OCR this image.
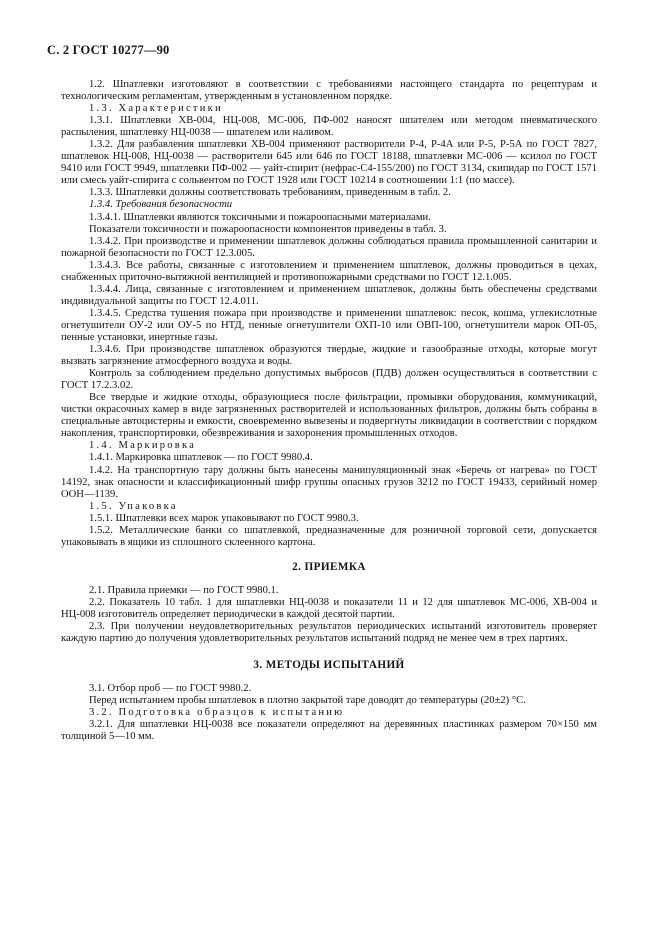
С. 2 ГОСТ 10277—90

1.2. Шпатлевки изготовляют в соответствии с требованиями настоящего стандарта по рецептурам и технологическим регламентам, утвержденным в установленном порядке.

1.3. Характеристики

1.3.1. Шпатлевки ХВ-004, НЦ-008, МС-006, ПФ-002 наносят шпателем или методом пневматического распыления, шпатлевку НЦ-0038 — шпателем или наливом.

1.3.2. Для разбавления шпатлевки ХВ-004 применяют растворители Р-4, Р-4А или Р-5, Р-5А по ГОСТ 7827, шпатлевок НЦ-008, НЦ-0038 — растворители 645 или 646 по ГОСТ 18188, шпатлевки МС-006 — ксилол по ГОСТ 9410 или ГОСТ 9949, шпатлевки ПФ-002 — уайт-спирит (нефрас-С4-155/200) по ГОСТ 3134, скипидар по ГОСТ 1571 или смесь уайт-спирита с сольвентом по ГОСТ 1928 или ГОСТ 10214 в соотношении 1:1 (по массе).

1.3.3. Шпатлевки должны соответствовать требованиям, приведенным в табл. 2.

1.3.4. Требования безопасности

1.3.4.1. Шпатлевки являются токсичными и пожароопасными материалами.

Показатели токсичности и пожароопасности компонентов приведены в табл. 3.

1.3.4.2. При производстве и применении шпатлевок должны соблюдаться правила промышленной санитарии и пожарной безопасности по ГОСТ 12.3.005.

1.3.4.3. Все работы, связанные с изготовлением и применением шпатлевок, должны проводиться в цехах, снабженных приточно-вытяжной вентиляцией и противопожарными средствами по ГОСТ 12.1.005.

1.3.4.4. Лица, связанные с изготовлением и применением шпатлевок, должны быть обеспечены средствами индивидуальной защиты по ГОСТ 12.4.011.

1.3.4.5. Средства тушения пожара при производстве и применении шпатлевок: песок, кошма, углекислотные огнетушители ОУ-2 или ОУ-5 по НТД, пенные огнетушители ОХП-10 или ОВП-100, огнетушители марок ОП-05, пенные установки, инертные газы.

1.3.4.6. При производстве шпатлевок образуются твердые, жидкие и газообразные отходы, которые могут вызвать загрязнение атмосферного воздуха и воды.

Контроль за соблюдением предельно допустимых выбросов (ПДВ) должен осуществляться в соответствии с ГОСТ 17.2.3.02.

Все твердые и жидкие отходы, образующиеся после фильтрации, промывки оборудования, коммуникаций, чистки окрасочных камер в виде загрязненных растворителей и использованных фильтров, должны быть собраны в специальные автоцистерны и емкости, своевременно вывезены и подвергнуты ликвидации в соответствии с порядком накопления, транспортировки, обезвреживания и захоронения промышленных отходов.

1.4. Маркировка

1.4.1. Маркировка шпатлевок — по ГОСТ 9980.4.

1.4.2. На транспортную тару должны быть нанесены манипуляционный знак «Беречь от нагрева» по ГОСТ 14192, знак опасности и классификационный шифр группы опасных грузов 3212 по ГОСТ 19433, серийный номер ООН—1139.

1.5. Упаковка

1.5.1. Шпатлевки всех марок упаковывают по ГОСТ 9980.3.

1.5.2. Металлические банки со шпатлевкой, предназначенные для розничной торговой сети, допускается упаковывать в ящики из сплошного склеенного картона.

2. ПРИЕМКА

2.1. Правила приемки — по ГОСТ 9980.1.

2.2. Показатель 10 табл. 1 для шпатлевки НЦ-0038 и показатели 11 и 12 для шпатлевок МС-006, ХВ-004 и НЦ-008 изготовитель определяет периодически в каждой десятой партии.

2.3. При получении неудовлетворительных результатов периодических испытаний изготовитель проверяет каждую партию до получения удовлетворительных результатов испытаний подряд не менее чем в трех партиях.

3. МЕТОДЫ ИСПЫТАНИЙ

3.1. Отбор проб — по ГОСТ 9980.2.

Перед испытанием пробы шпатлевок в плотно закрытой таре доводят до температуры (20±2) °С.

3.2. Подготовка образцов к испытанию

3.2.1. Для шпатлевки НЦ-0038 все показатели определяют на деревянных пластинках размером 70×150 мм толщиной 5—10 мм.
